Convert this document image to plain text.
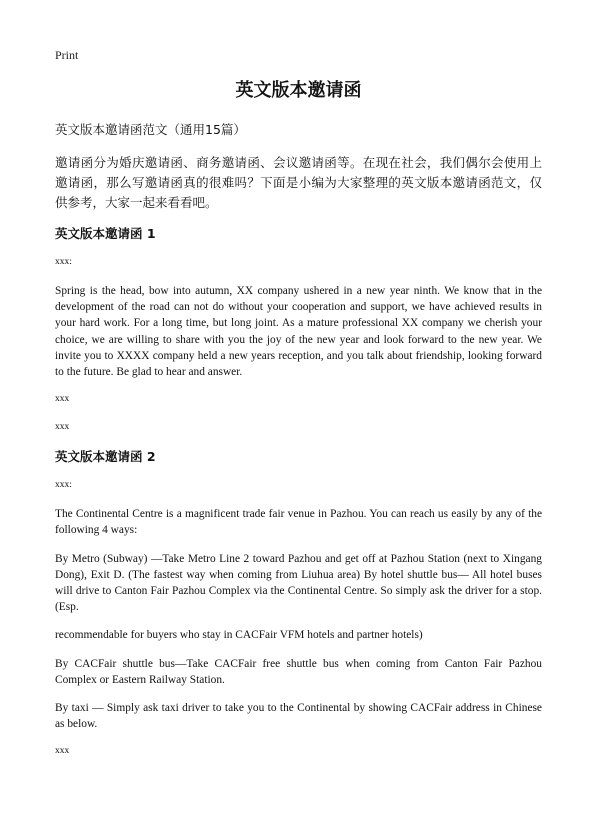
Print
英文版本邀请函
英文版本邀请函范文（通用15篇）

邀请函分为婚庆邀请函、商务邀请函、会议邀请函等。在现在社会，我们偶尔会使用上邀请函，那么写邀请函真的很难吗？下面是小编为大家整理的英文版本邀请函范文，仅供参考，大家一起来看看吧。

英文版本邀请函 1
xxx:

Spring is the head, bow into autumn, XX company ushered in a new year ninth. We know that in the development of the road can not do without your cooperation and support, we have achieved results in your hard work. For a long time, but long joint. As a mature professional XX company we cherish your choice, we are willing to share with you the joy of the new year and look forward to the new year. We invite you to XXXX company held a new years reception, and you talk about friendship, looking forward to the future. Be glad to hear and answer.

xxx
xxx
英文版本邀请函 2
xxx:

The Continental Centre is a magnificent trade fair venue in Pazhou. You can reach us easily by any of the following 4 ways:

By Metro (Subway) —Take Metro Line 2 toward Pazhou and get off at Pazhou Station (next to Xingang Dong), Exit D. (The fastest way when coming from Liuhua area) By hotel shuttle bus— All hotel buses will drive to Canton Fair Pazhou Complex via the Continental Centre. So simply ask the driver for a stop. (Esp.

recommendable for buyers who stay in CACFair VFM hotels and partner hotels)

By CACFair shuttle bus—Take CACFair free shuttle bus when coming from Canton Fair Pazhou Complex or Eastern Railway Station.

By taxi — Simply ask taxi driver to take you to the Continental by showing CACFair address in Chinese as below.

xxx
